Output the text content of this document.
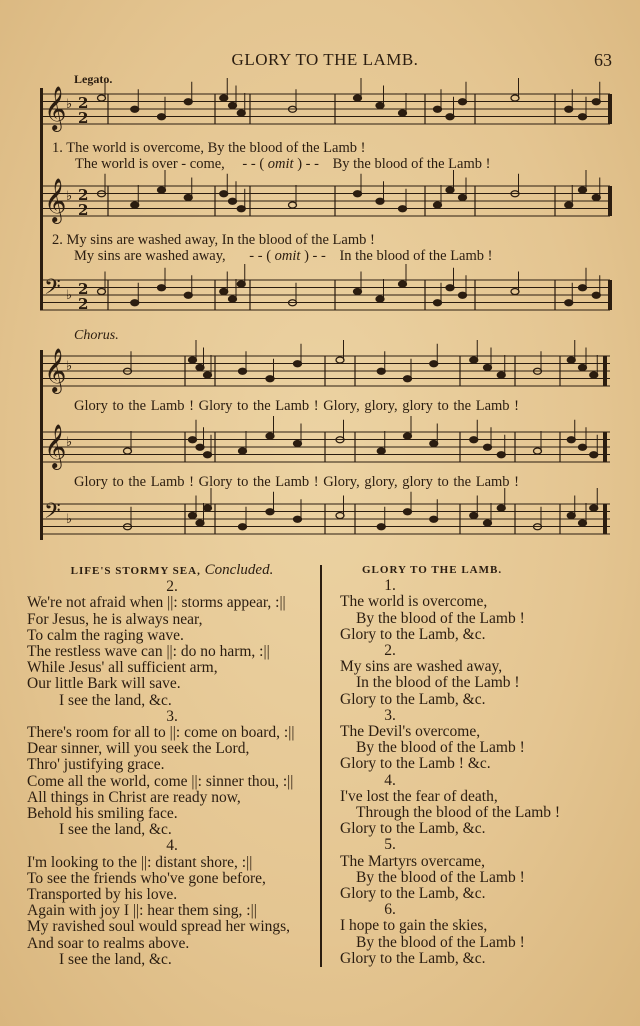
GLORY TO THE LAMB.	63
Legato.
𝄞 ♭ 2
2
𝄞 ♭ 2
2
𝄢 ♭ 2
2
𝄞 ♭
𝄞 ♭
𝄢 ♭
1. The world is overcome, By the blood of the Lamb !
The world is over - come, - - ( omit ) - - By the blood of the Lamb !
2. My sins are washed away, In the blood of the Lamb !
My sins are washed away, - - ( omit ) - - In the blood of the Lamb !
Chorus.
Glory to the Lamb ! Glory to the Lamb ! Glory, glory, glory to the Lamb !
Glory to the Lamb ! Glory to the Lamb ! Glory, glory, glory to the Lamb !
LIFE'S STORMY SEA, Concluded.
2.
We're not afraid when ||: storms appear, :||
For Jesus, he is always near,
To calm the raging wave.
The restless wave can ||: do no harm, :||
While Jesus' all sufficient arm,
Our little Bark will save.
I see the land, &c.
3.
There's room for all to ||: come on board, :||
Dear sinner, will you seek the Lord,
Thro' justifying grace.
Come all the world, come ||: sinner thou, :||
All things in Christ are ready now,
Behold his smiling face.
I see the land, &c.
4.
I'm looking to the ||: distant shore, :||
To see the friends who've gone before,
Transported by his love.
Again with joy I ||: hear them sing, :||
My ravished soul would spread her wings,
And soar to realms above.
I see the land, &c.
GLORY TO THE LAMB.
1.
The world is overcome,
By the blood of the Lamb !
Glory to the Lamb, &c.
2.
My sins are washed away,
In the blood of the Lamb !
Glory to the Lamb, &c.
3.
The Devil's overcome,
By the blood of the Lamb !
Glory to the Lamb ! &c.
4.
I've lost the fear of death,
Through the blood of the Lamb !
Glory to the Lamb, &c.
5.
The Martyrs overcame,
By the blood of the Lamb !
Glory to the Lamb, &c.
6.
I hope to gain the skies,
By the blood of the Lamb !
Glory to the Lamb, &c.
